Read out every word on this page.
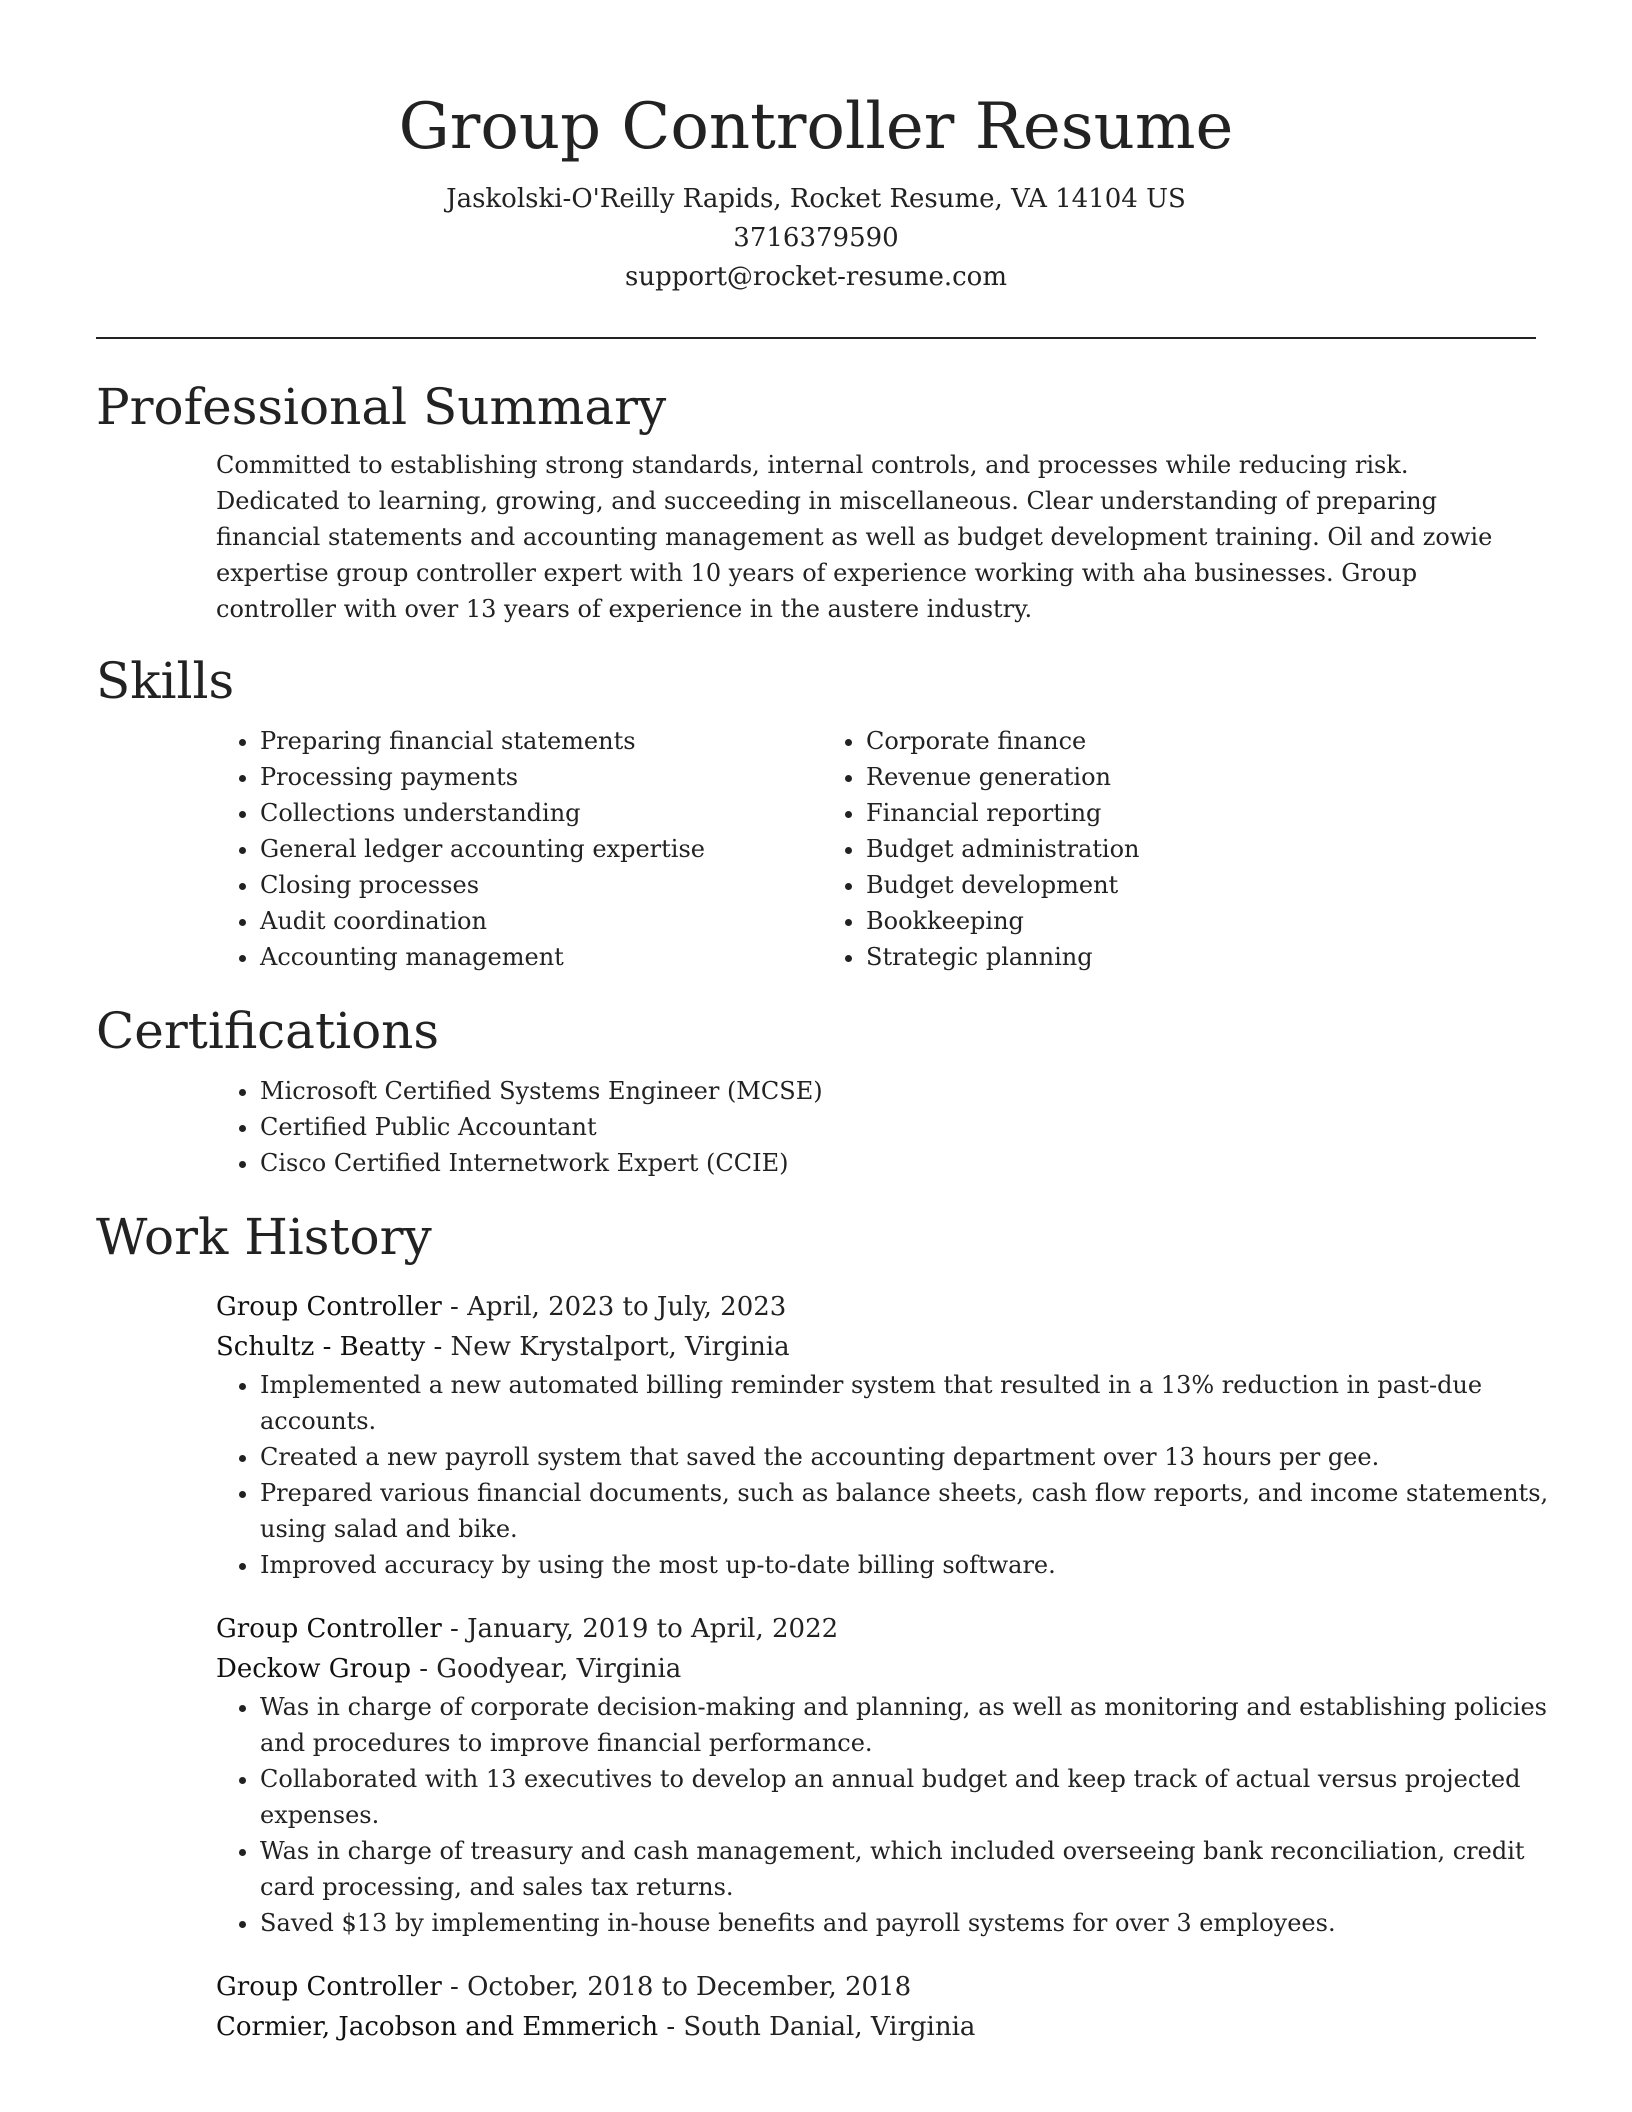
Group Controller Resume
Jaskolski-O'Reilly Rapids, Rocket Resume, VA 14104 US
3716379590
support@rocket-resume.com
Professional Summary
Committed to establishing strong standards, internal controls, and processes while reducing risk. Dedicated to learning, growing, and succeeding in miscellaneous. Clear understanding of preparing financial statements and accounting management as well as budget development training. Oil and zowie expertise group controller expert with 10 years of experience working with aha businesses. Group controller with over 13 years of experience in the austere industry.
Skills
• Preparing financial statements
• Processing payments
• Collections understanding
• General ledger accounting expertise
• Closing processes
• Audit coordination
• Accounting management
• Corporate finance
• Revenue generation
• Financial reporting
• Budget administration
• Budget development
• Bookkeeping
• Strategic planning
Certifications
• Microsoft Certified Systems Engineer (MCSE)
• Certified Public Accountant
• Cisco Certified Internetwork Expert (CCIE)
Work History
Group Controller - April, 2023 to July, 2023
Schultz - Beatty - New Krystalport, Virginia
• Implemented a new automated billing reminder system that resulted in a 13% reduction in past-due accounts.
• Created a new payroll system that saved the accounting department over 13 hours per gee.
• Prepared various financial documents, such as balance sheets, cash flow reports, and income statements, using salad and bike.
• Improved accuracy by using the most up-to-date billing software.
Group Controller - January, 2019 to April, 2022
Deckow Group - Goodyear, Virginia
• Was in charge of corporate decision-making and planning, as well as monitoring and establishing policies and procedures to improve financial performance.
• Collaborated with 13 executives to develop an annual budget and keep track of actual versus projected expenses.
• Was in charge of treasury and cash management, which included overseeing bank reconciliation, credit card processing, and sales tax returns.
• Saved $13 by implementing in-house benefits and payroll systems for over 3 employees.
Group Controller - October, 2018 to December, 2018
Cormier, Jacobson and Emmerich - South Danial, Virginia
